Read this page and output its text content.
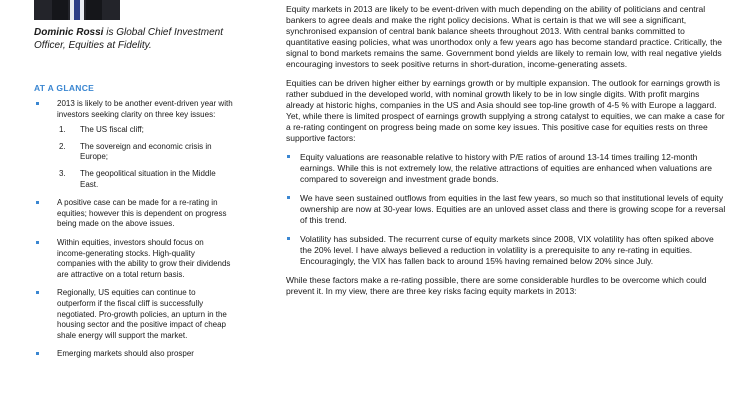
Dominic Rossi is Global Chief Investment Officer, Equities at Fidelity.
AT A GLANCE
2013 is likely to be another event-driven year with investors seeking clarity on three key issues:
1. The US fiscal cliff;
2. The sovereign and economic crisis in Europe;
3. The geopolitical situation in the Middle East.
A positive case can be made for a re-rating in equities; however this is dependent on progress being made on the above issues.
Within equities, investors should focus on income-generating stocks. High-quality companies with the ability to grow their dividends are attractive on a total return basis.
Regionally, US equities can continue to outperform if the fiscal cliff is successfully negotiated. Pro-growth policies, an upturn in the housing sector and the positive impact of cheap shale energy will support the market.
Emerging markets should also prosper

Equity markets in 2013 are likely to be event-driven with much depending on the ability of politicians and central bankers to agree deals and make the right policy decisions. What is certain is that we will see a significant, synchronised expansion of central bank balance sheets throughout 2013. With central banks committed to quantitative easing policies, what was unorthodox only a few years ago has become standard practice. Critically, the signal to bond markets remains the same. Government bond yields are likely to remain low, with real negative yields encouraging investors to seek positive returns in short-duration, income-generating assets.

Equities can be driven higher either by earnings growth or by multiple expansion. The outlook for earnings growth is rather subdued in the developed world, with nominal growth likely to be in low single digits. With profit margins already at historic highs, companies in the US and Asia should see top-line growth of 4-5 % with Europe a laggard. Yet, while there is limited prospect of earnings growth supplying a strong catalyst to equities, we can make a case for a re-rating contingent on progress being made on some key issues. This positive case for equities rests on three supportive factors:

Equity valuations are reasonable relative to history with P/E ratios of around 13-14 times trailing 12-month earnings. While this is not extremely low, the relative attractions of equities are enhanced when valuations are compared to sovereign and investment grade bonds.
We have seen sustained outflows from equities in the last few years, so much so that institutional levels of equity ownership are now at 30-year lows. Equities are an unloved asset class and there is growing scope for a reversal of this trend.
Volatility has subsided. The recurrent curse of equity markets since 2008, VIX volatility has often spiked above the 20% level. I have always believed a reduction in volatility is a prerequisite to any re-rating in equities. Encouragingly, the VIX has fallen back to around 15% having remained below 20% since July.

While these factors make a re-rating possible, there are some considerable hurdles to be overcome which could prevent it. In my view, there are three key risks facing equity markets in 2013:
